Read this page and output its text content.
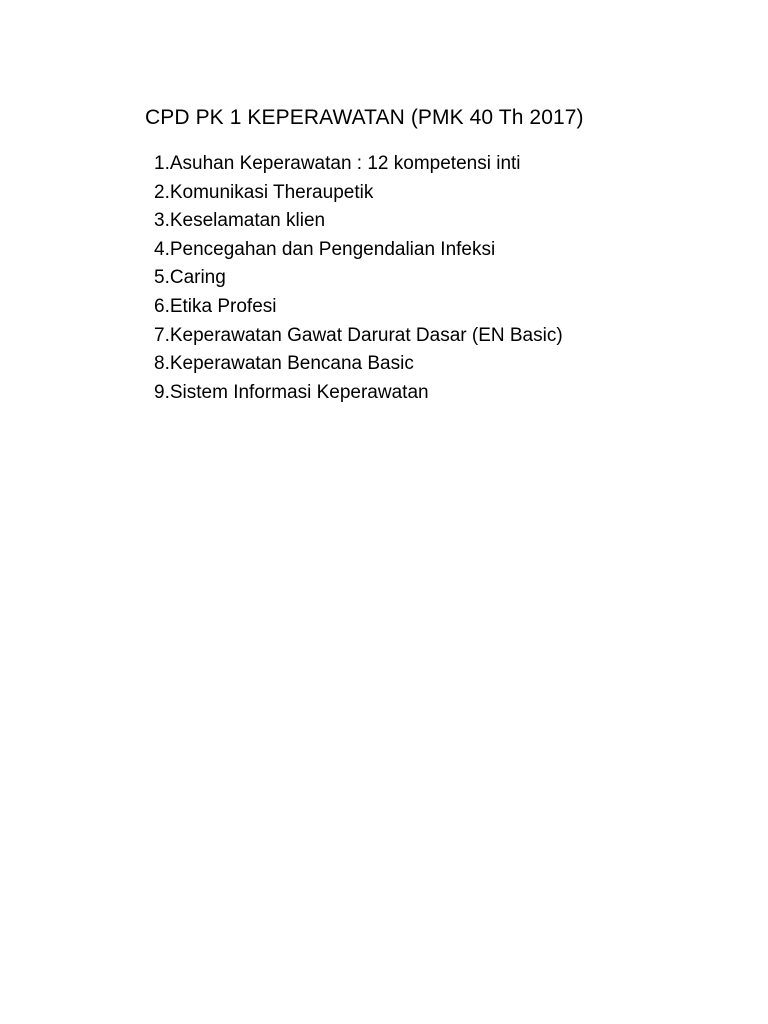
CPD PK 1 KEPERAWATAN (PMK 40 Th 2017)
1.Asuhan Keperawatan : 12 kompetensi inti
2.Komunikasi Theraupetik
3.Keselamatan klien
4.Pencegahan dan Pengendalian Infeksi
5.Caring
6.Etika Profesi
7.Keperawatan Gawat Darurat Dasar (EN Basic)
8.Keperawatan Bencana Basic
9.Sistem Informasi Keperawatan
